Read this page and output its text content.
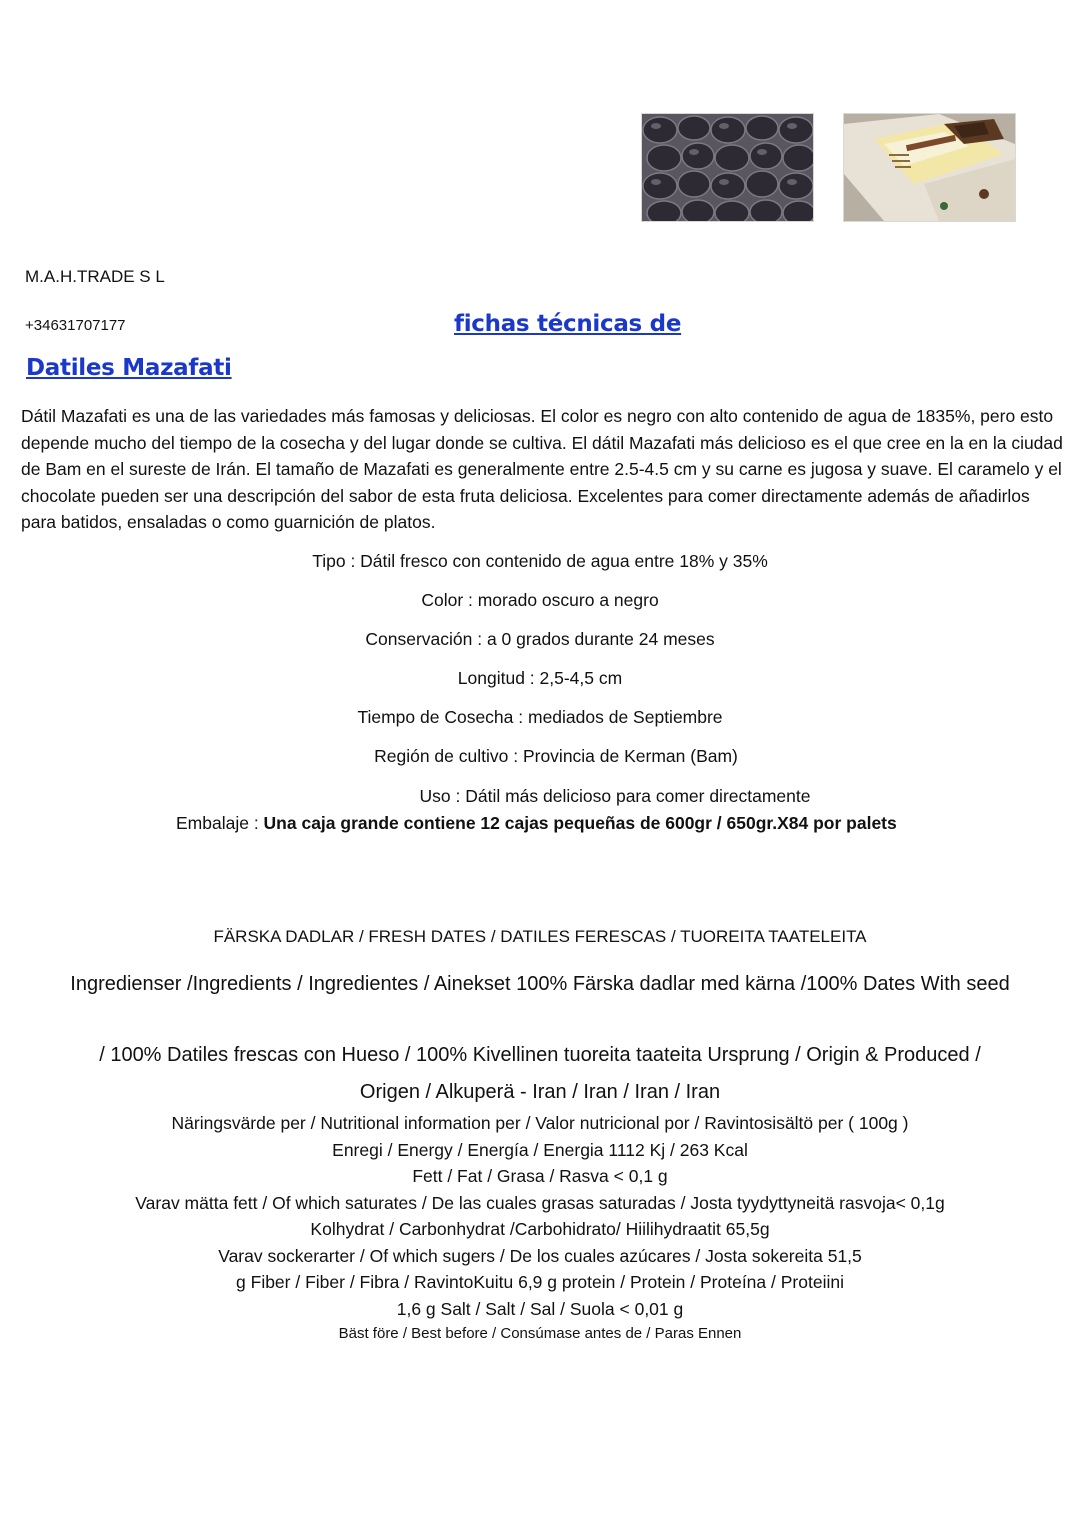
M.A.H.TRADE S L
+34631707177	fichas técnicas de
Datiles Mazafati
Dátil Mazafati es una de las variedades más famosas y deliciosas. El color es negro con alto contenido de agua de 1835%, pero esto depende mucho del tiempo de la cosecha y del lugar donde se cultiva. El dátil Mazafati más delicioso es el que cree en la en la ciudad de Bam en el sureste de Irán. El tamaño de Mazafati es generalmente entre 2.5-4.5 cm y su carne es jugosa y suave. El caramelo y el chocolate pueden ser una descripción del sabor de esta fruta deliciosa. Excelentes para comer directamente además de añadirlos para batidos, ensaladas o como guarnición de platos.
Tipo : Dátil fresco con contenido de agua entre 18% y 35%
Color : morado oscuro a negro
Conservación : a 0 grados durante 24 meses
Longitud : 2,5-4,5 cm
Tiempo de Cosecha : mediados de Septiembre
Región de cultivo : Provincia de Kerman (Bam)
Uso : Dátil más delicioso para comer directamente
Embalaje : Una caja grande contiene 12 cajas pequeñas de 600gr / 650gr.X84 por palets
FÄRSKA DADLAR / FRESH DATES / DATILES FERESCAS / TUOREITA TAATELEITA
Ingredienser /Ingredients / Ingredientes / Ainekset 100% Färska dadlar med kärna /100% Dates With seed
/ 100% Datiles frescas con Hueso / 100% Kivellinen tuoreita taateita Ursprung / Origin & Produced /
Origen / Alkuperä - Iran / Iran / Iran / Iran
Näringsvärde per / Nutritional information per / Valor nutricional por / Ravintosisältö per ( 100g )
Enregi / Energy / Energía / Energia 1112 Kj / 263 Kcal
Fett / Fat / Grasa / Rasva < 0,1 g
Varav mätta fett / Of which saturates / De las cuales grasas saturadas / Josta tyydyttyneitä rasvoja< 0,1g
Kolhydrat / Carbonhydrat /Carbohidrato/ Hiilihydraatit 65,5g
Varav sockerarter / Of which sugers / De los cuales azúcares / Josta sokereita 51,5
g Fiber / Fiber / Fibra / RavintoKuitu 6,9 g protein / Protein / Proteína / Proteiini
1,6 g Salt / Salt / Sal / Suola < 0,01 g
Bäst före / Best before / Consúmase antes de / Paras Ennen
